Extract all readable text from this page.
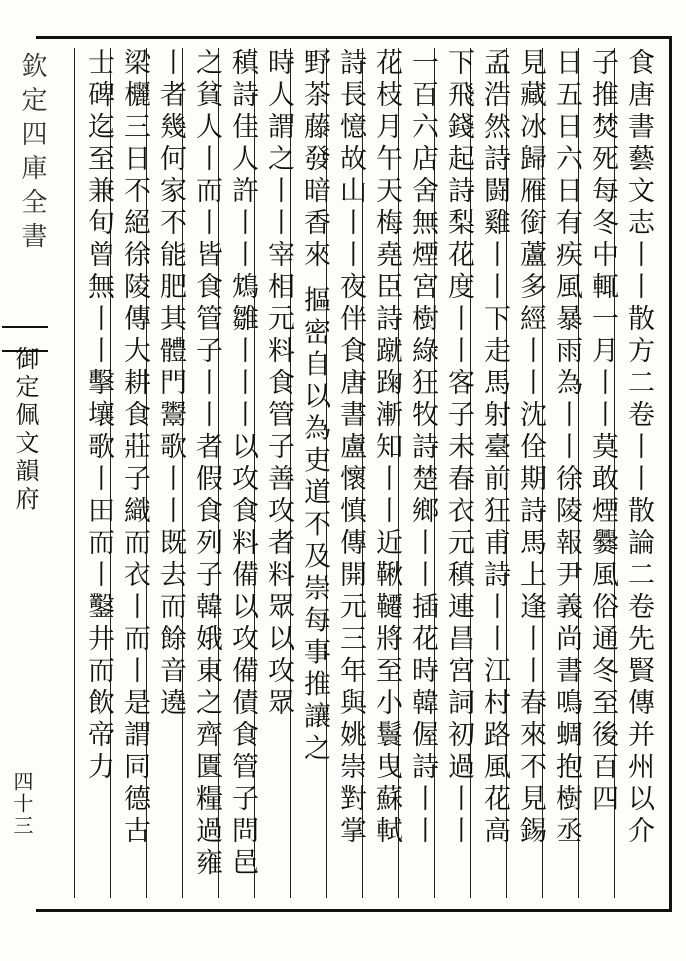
欽定四庫全書
御定佩文韻府
四十三	食唐書藝文志丨丨散方二卷丨丨散論二卷先賢傳并州以介
子推焚死每冬中輒一月丨丨莫敢煙爨風俗通冬至後百四
日五日六日有疾風暴雨為丨丨徐陵報尹義尚書鳴蜩抱樹丞
見藏冰歸雁銜蘆多經丨丨沈佺期詩馬上逢丨丨春來不見錫
孟浩然詩闘雞丨丨下走馬射臺前狂甫詩丨丨江村路風花高
下飛錢起詩梨花度丨丨客子未春衣元稹連昌宮詞初過丨丨
一百六店舍無煙宮樹綠狂牧詩楚鄉丨丨插花時韓偓詩丨丨
花枝月午天梅堯臣詩蹴踘漸知丨丨近鞦韆將至小鬟曳蘇軾
詩長憶故山丨丨夜伴食唐書盧懷慎傳開元三年與姚崇對掌
野茶藤發暗香來 摳密自以為吏道不及崇每事推讓之
時人謂之丨丨宰相元料食管子善攻者料眾以攻眾
稹詩佳人許丨丨鴆雛丨丨丨以攻食料備以攻備債食管子問邑
之貧人丨而丨皆食管子丨丨者假食列子韓娥東之齊匱糧過雍
丨者幾何家不能肥其體門鬻歌丨丨既去而餘音遶
梁欐三日不絕徐陵傳大耕食莊子織而衣丨而丨是謂同德古
士碑迄至兼旬曾無丨丨擊壤歌丨田而丨鑿井而飲帝力
